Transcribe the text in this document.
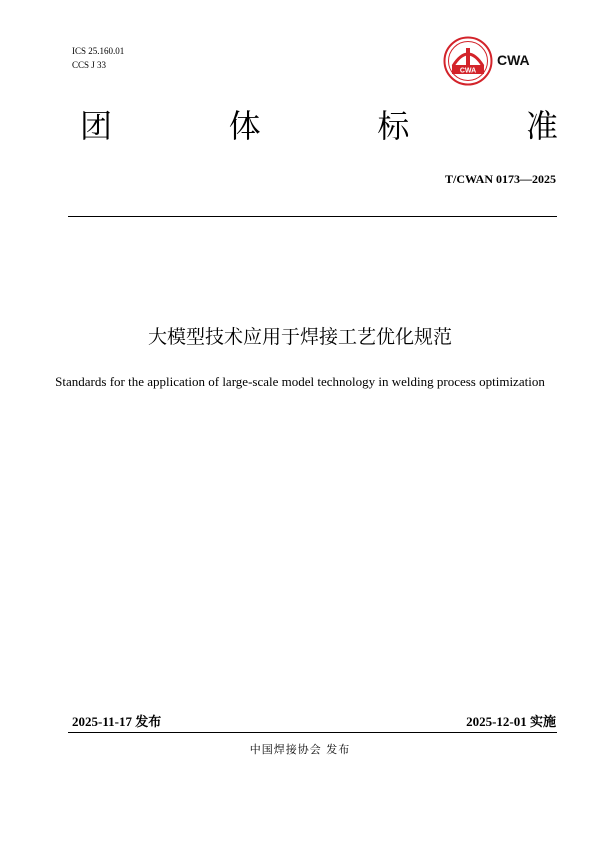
ICS 25.160.01
CCS J 33
CWA
CWA
团	体	标	准
T/CWAN 0173—2025
大模型技术应用于焊接工艺优化规范
Standards for the application of large-scale model technology in welding process optimization
2025-11-17 发布	2025-12-01 实施
中国焊接协会 发布
